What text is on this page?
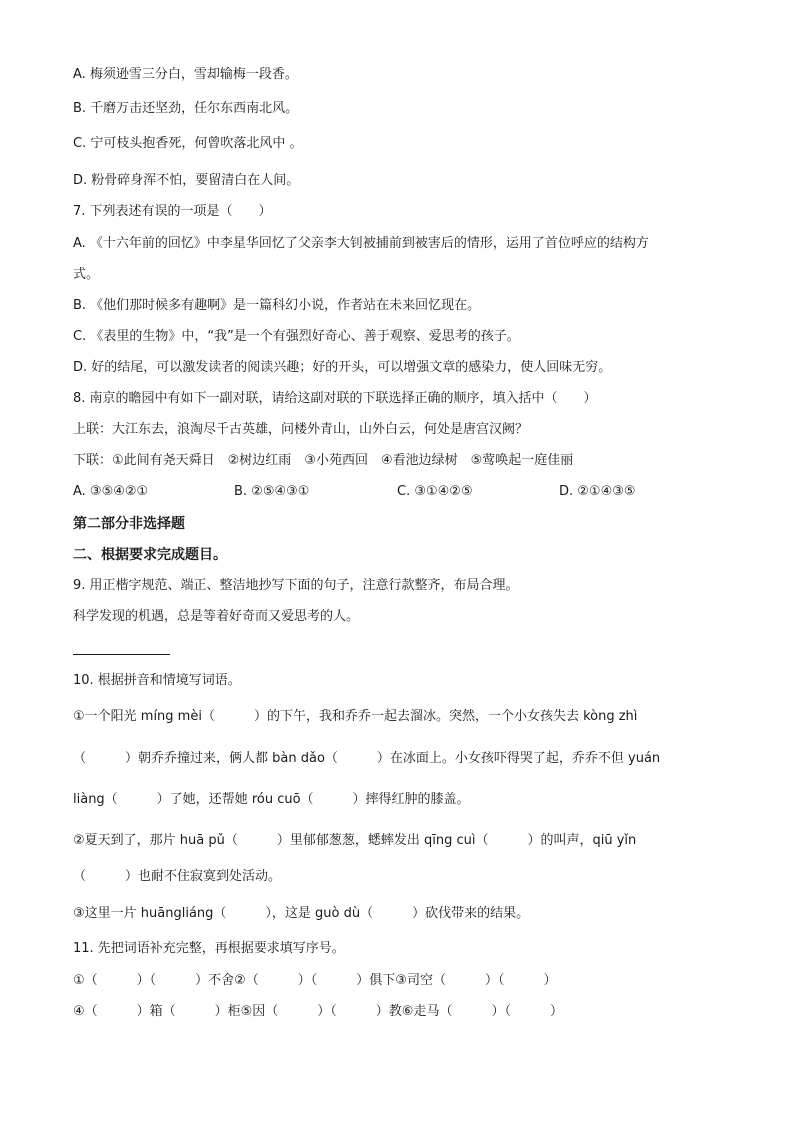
A. 梅须逊雪三分白，雪却输梅一段香。
B. 千磨万击还坚劲，任尔东西南北风。
C. 宁可枝头抱香死，何曾吹落北风中 。
D. 粉骨碎身浑不怕，要留清白在人间。
7. 下列表述有误的一项是（　　）
A. 《十六年前的回忆》中李星华回忆了父亲李大钊被捕前到被害后的情形，运用了首位呼应的结构方
式。
B. 《他们那时候多有趣啊》是一篇科幻小说，作者站在未来回忆现在。
C. 《表里的生物》中，“我”是一个有强烈好奇心、善于观察、爱思考的孩子。
D. 好的结尾，可以激发读者的阅读兴趣；好的开头，可以增强文章的感染力，使人回味无穷。
8. 南京的瞻园中有如下一副对联，请给这副对联的下联选择正确的顺序，填入括中（　　）
上联：大江东去，浪淘尽千古英雄，问楼外青山，山外白云，何处是唐宫汉阙？
下联：①此间有尧天舜日　②树边红雨　③小苑西回　④看池边绿树　⑤莺唤起一庭佳丽
A. ③⑤④②①	B. ②⑤④③①	C. ③①④②⑤	D. ②①④③⑤
第二部分非选择题
二、根据要求完成题目。
9. 用正楷字规范、端正、整洁地抄写下面的句子，注意行款整齐，布局合理。
科学发现的机遇，总是等着好奇而又爱思考的人。
10. 根据拼音和情境写词语。
①一个阳光 míng mèi（　　　）的下午，我和乔乔一起去溜冰。突然，一个小女孩失去 kòng zhì
（　　　）朝乔乔撞过来，俩人都 bàn dǎo（　　　）在冰面上。小女孩吓得哭了起，乔乔不但 yuán
liàng（　　　）了她，还帮她 róu cuō（　　　）摔得红肿的膝盖。
②夏天到了，那片 huā pǔ（　　　）里郁郁葱葱，蟋蟀发出 qīng cuì（　　　）的叫声，qiū yǐn
（　　　）也耐不住寂寞到处活动。
③这里一片 huāngliáng（　　　），这是 guò dù（　　　）砍伐带来的结果。
11. 先把词语补充完整，再根据要求填写序号。
①（　　　）（　　　）不舍②（　　　）（　　　）俱下③司空（　　　）（　　　）
④（　　　）箱（　　　）柜⑤因（　　　）（　　　）教⑥走马（　　　）（　　　）
